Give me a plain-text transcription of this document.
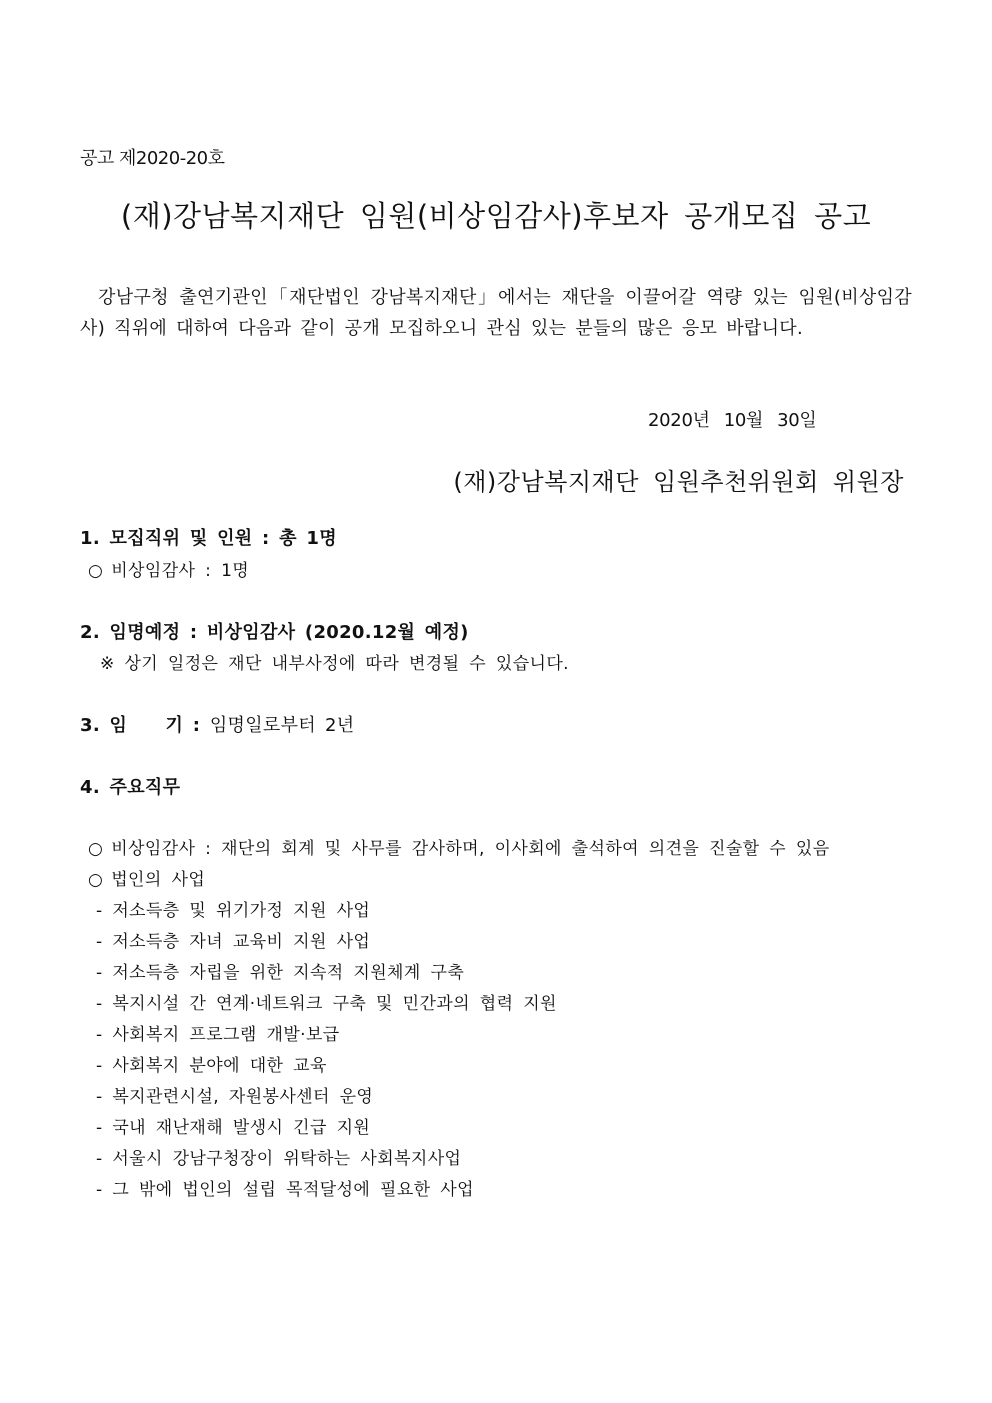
공고 제2020-20호
(재)강남복지재단 임원(비상임감사)후보자 공개모집 공고
강남구청 출연기관인「재단법인 강남복지재단」에서는 재단을 이끌어갈 역량 있는 임원(비상임감사) 직위에 대하여 다음과 같이 공개 모집하오니 관심 있는 분들의 많은 응모 바랍니다.
2020년 10월 30일
(재)강남복지재단 임원추천위원회 위원장
1. 모집직위 및 인원 : 총 1명
○ 비상임감사 : 1명
2. 임명예정 : 비상임감사 (2020.12월 예정)
※ 상기 일정은 재단 내부사정에 따라 변경될 수 있습니다.
3. 임    기 : 임명일로부터 2년
4. 주요직무
○ 비상임감사 : 재단의 회계 및 사무를 감사하며, 이사회에 출석하여 의견을 진술할 수 있음
○ 법인의 사업
- 저소득층 및 위기가정 지원 사업
- 저소득층 자녀 교육비 지원 사업
- 저소득층 자립을 위한 지속적 지원체계 구축
- 복지시설 간 연계·네트워크 구축 및 민간과의 협력 지원
- 사회복지 프로그램 개발·보급
- 사회복지 분야에 대한 교육
- 복지관련시설, 자원봉사센터 운영
- 국내 재난재해 발생시 긴급 지원
- 서울시 강남구청장이 위탁하는 사회복지사업
- 그 밖에 법인의 설립 목적달성에 필요한 사업
